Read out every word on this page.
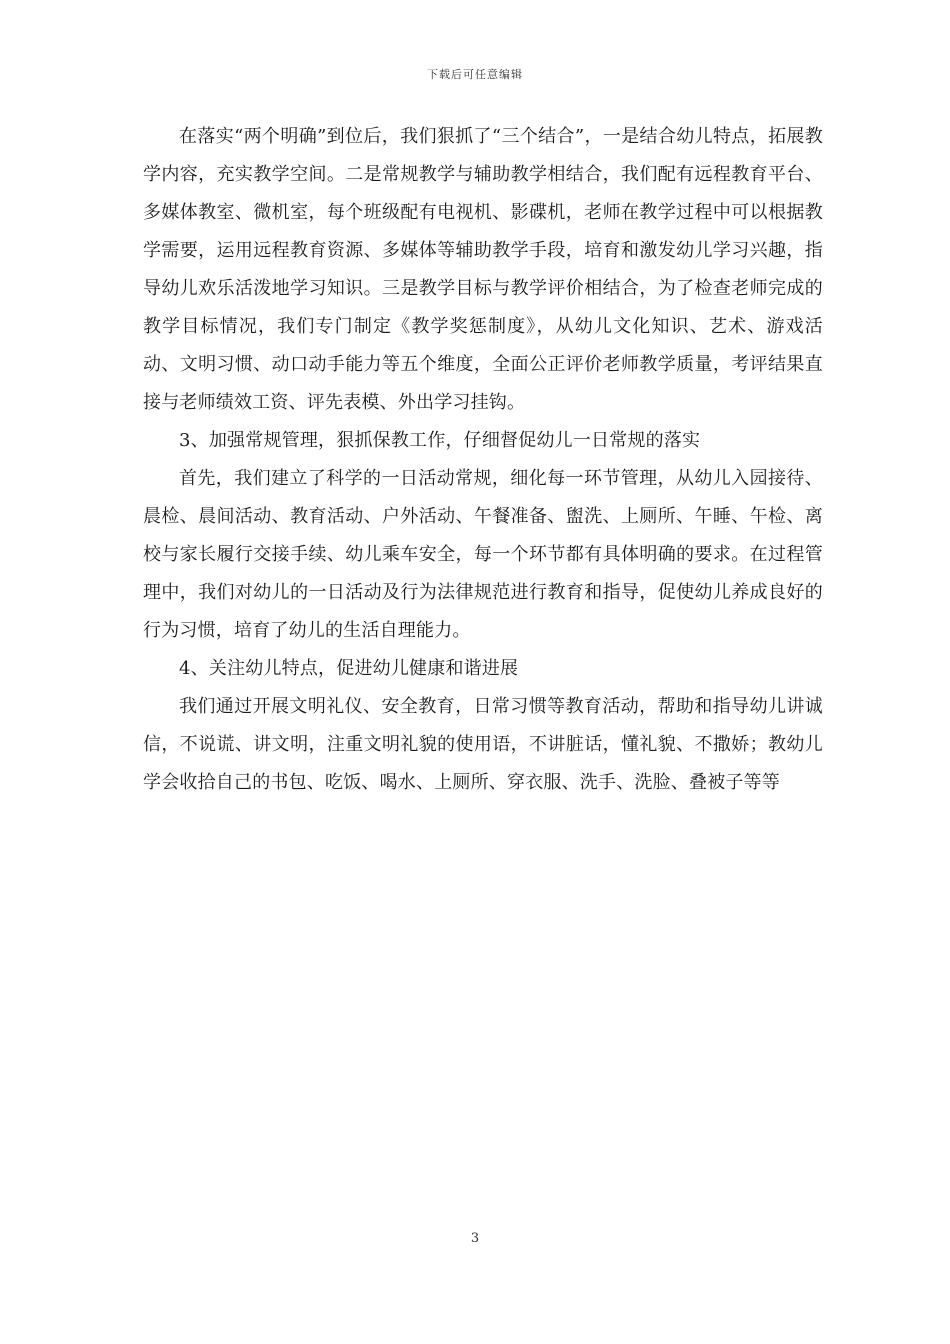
下载后可任意编辑

在落实“两个明确”到位后，我们狠抓了“三个结合”，一是结合幼儿特点，拓展教学内容，充实教学空间。二是常规教学与辅助教学相结合，我们配有远程教育平台、多媒体教室、微机室，每个班级配有电视机、影碟机，老师在教学过程中可以根据教学需要，运用远程教育资源、多媒体等辅助教学手段，培育和激发幼儿学习兴趣，指导幼儿欢乐活泼地学习知识。三是教学目标与教学评价相结合，为了检查老师完成的教学目标情况，我们专门制定《教学奖惩制度》，从幼儿文化知识、艺术、游戏活动、文明习惯、动口动手能力等五个维度，全面公正评价老师教学质量，考评结果直接与老师绩效工资、评先表模、外出学习挂钩。

3、加强常规管理，狠抓保教工作，仔细督促幼儿一日常规的落实

首先，我们建立了科学的一日活动常规，细化每一环节管理，从幼儿入园接待、晨检、晨间活动、教育活动、户外活动、午餐准备、盥洗、上厕所、午睡、午检、离校与家长履行交接手续、幼儿乘车安全，每一个环节都有具体明确的要求。在过程管理中，我们对幼儿的一日活动及行为法律规范进行教育和指导，促使幼儿养成良好的行为习惯，培育了幼儿的生活自理能力。

4、关注幼儿特点，促进幼儿健康和谐进展

我们通过开展文明礼仪、安全教育，日常习惯等教育活动，帮助和指导幼儿讲诚信，不说谎、讲文明，注重文明礼貌的使用语，不讲脏话，懂礼貌、不撒娇；教幼儿学会收拾自己的书包、吃饭、喝水、上厕所、穿衣服、洗手、洗脸、叠被子等等

3
